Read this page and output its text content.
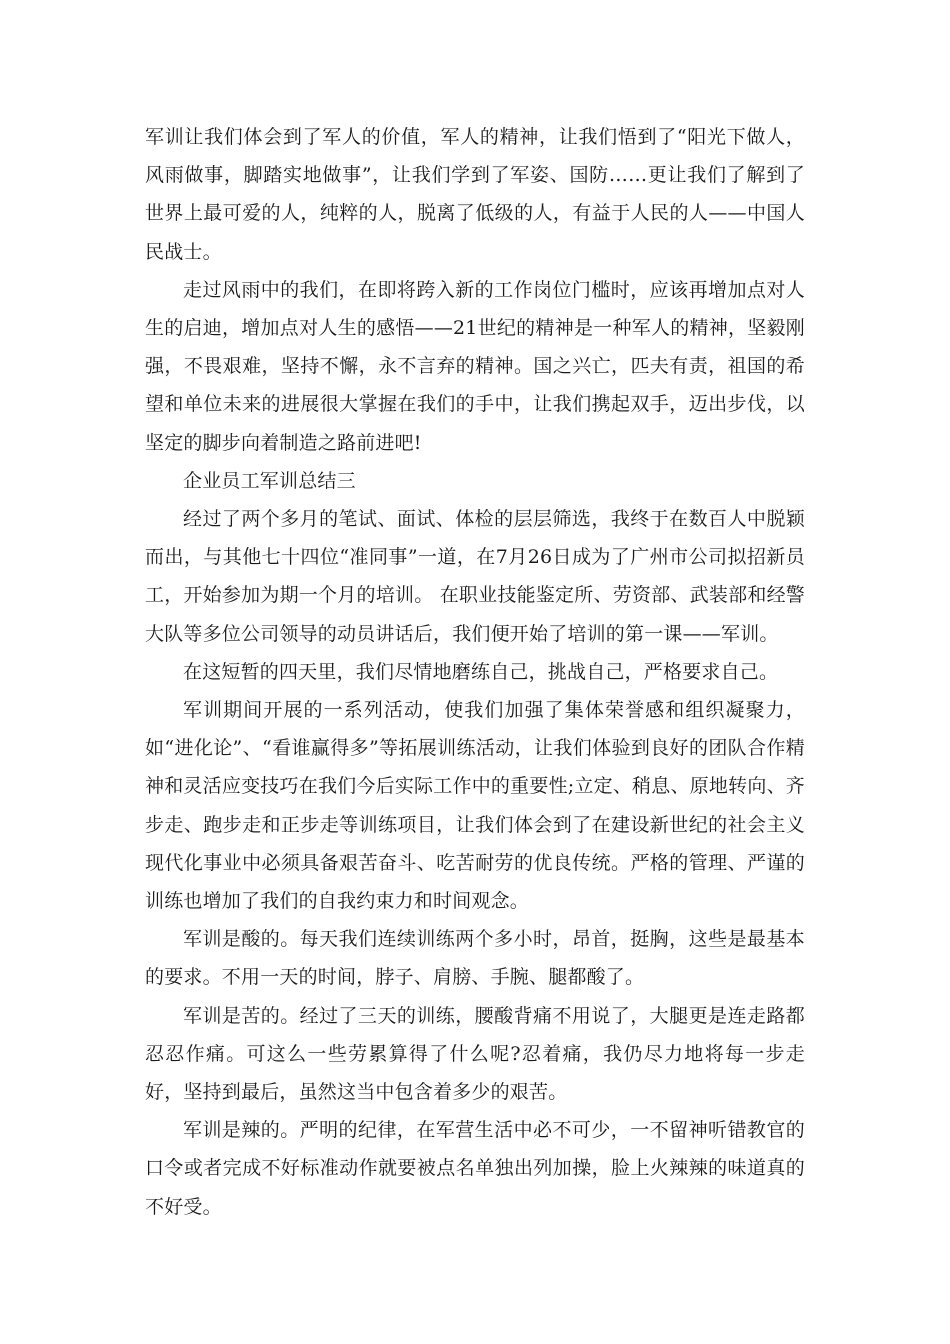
军训让我们体会到了军人的价值，军人的精神，让我们悟到了“阳光下做人，风雨做事，脚踏实地做事”，让我们学到了军姿、国防……更让我们了解到了世界上最可爱的人，纯粹的人，脱离了低级的人，有益于人民的人——中国人民战士。

走过风雨中的我们，在即将跨入新的工作岗位门槛时，应该再增加点对人生的启迪，增加点对人生的感悟——21世纪的精神是一种军人的精神，坚毅刚强，不畏艰难，坚持不懈，永不言弃的精神。国之兴亡，匹夫有责，祖国的希望和单位未来的进展很大掌握在我们的手中，让我们携起双手，迈出步伐，以坚定的脚步向着制造之路前进吧!

企业员工军训总结三

经过了两个多月的笔试、面试、体检的层层筛选，我终于在数百人中脱颖而出，与其他七十四位“准同事”一道，在7月26日成为了广州市公司拟招新员工，开始参加为期一个月的培训。 在职业技能鉴定所、劳资部、武装部和经警大队等多位公司领导的动员讲话后，我们便开始了培训的第一课——军训。

在这短暂的四天里，我们尽情地磨练自己，挑战自己，严格要求自己。

军训期间开展的一系列活动，使我们加强了集体荣誉感和组织凝聚力，如“进化论”、“看谁赢得多”等拓展训练活动，让我们体验到良好的团队合作精神和灵活应变技巧在我们今后实际工作中的重要性;立定、稍息、原地转向、齐步走、跑步走和正步走等训练项目，让我们体会到了在建设新世纪的社会主义现代化事业中必须具备艰苦奋斗、吃苦耐劳的优良传统。严格的管理、严谨的训练也增加了我们的自我约束力和时间观念。

军训是酸的。每天我们连续训练两个多小时，昂首，挺胸，这些是最基本的要求。不用一天的时间，脖子、肩膀、手腕、腿都酸了。

军训是苦的。经过了三天的训练，腰酸背痛不用说了，大腿更是连走路都忍忍作痛。可这么一些劳累算得了什么呢?忍着痛，我仍尽力地将每一步走好，坚持到最后，虽然这当中包含着多少的艰苦。

军训是辣的。严明的纪律，在军营生活中必不可少，一不留神听错教官的口令或者完成不好标准动作就要被点名单独出列加操，脸上火辣辣的味道真的不好受。
